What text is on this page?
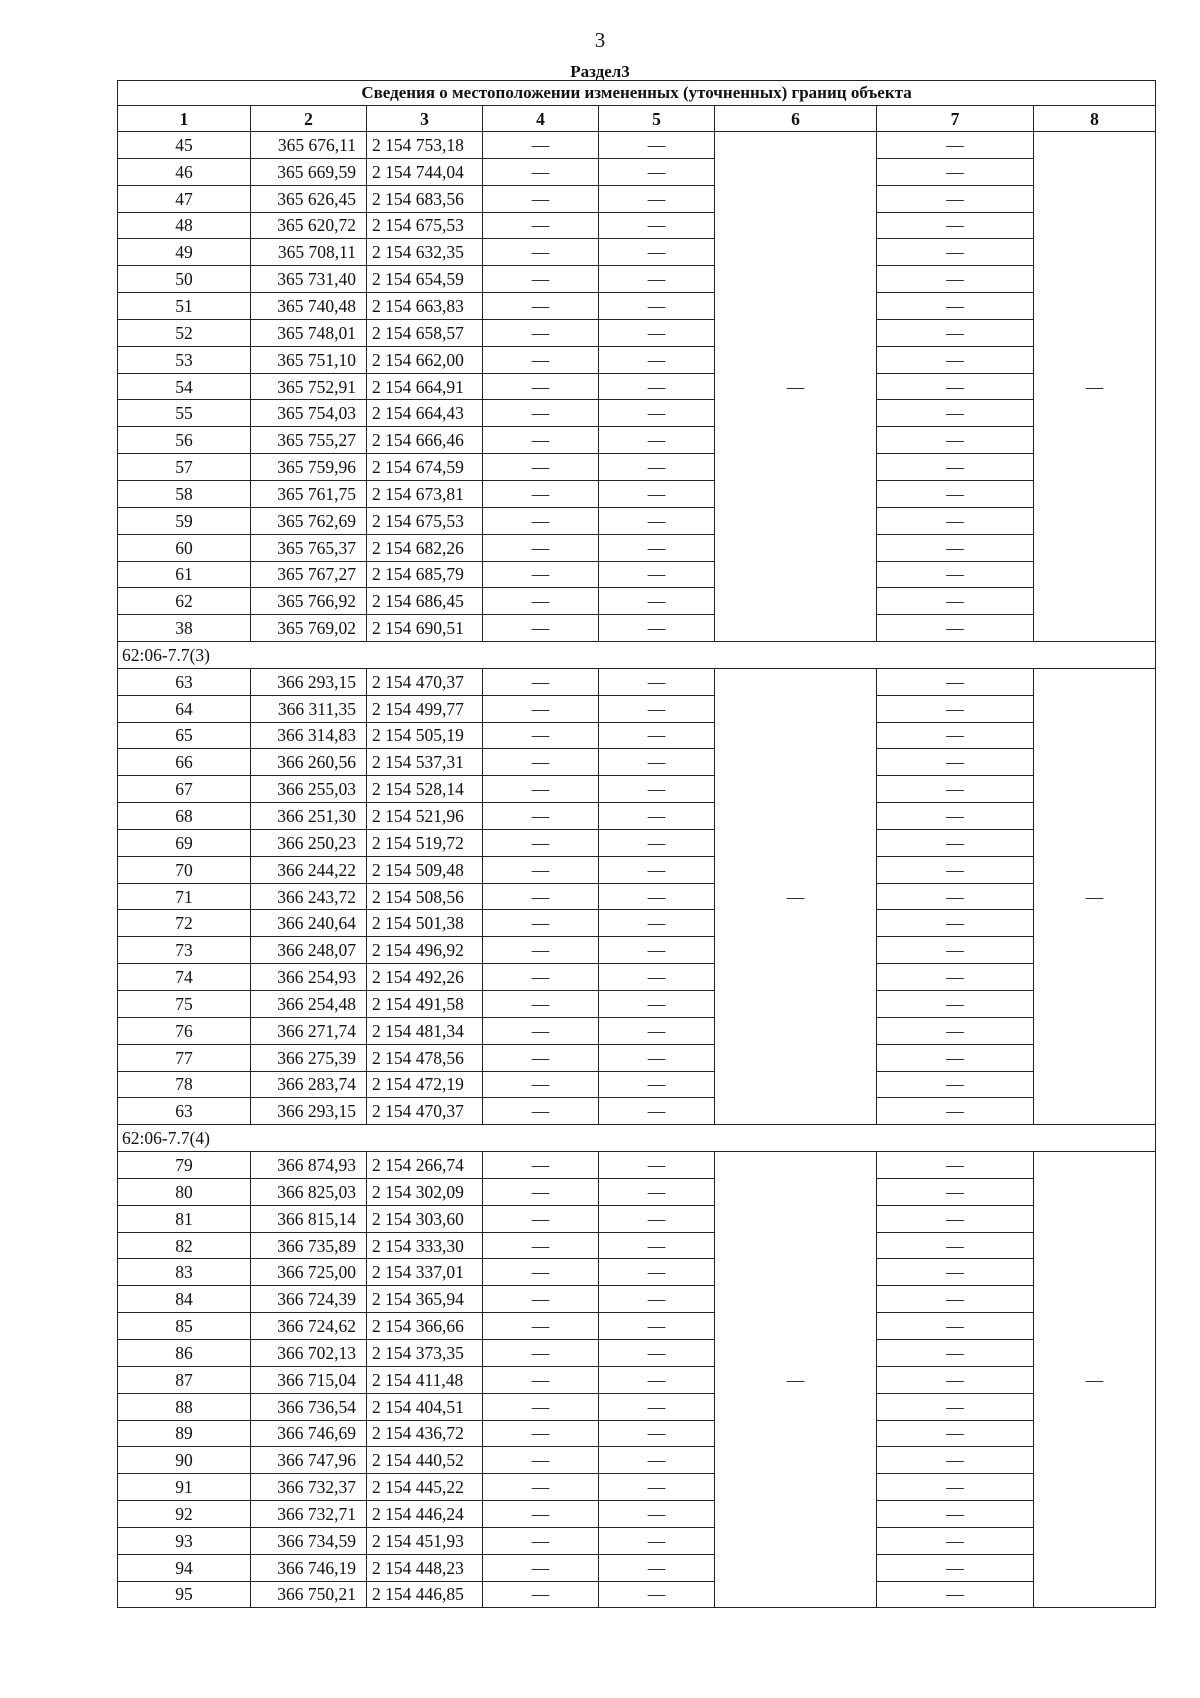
3
Раздел3
Сведения о местоположении измененных (уточненных) границ объекта							
1	2	3	4	5	6	7	8
45	365 676,11	2 154 753,18	—	—	—	—	—
46	365 669,59	2 154 744,04	—	—		—	
47	365 626,45	2 154 683,56	—	—		—	
48	365 620,72	2 154 675,53	—	—		—	
49	365 708,11	2 154 632,35	—	—		—	
50	365 731,40	2 154 654,59	—	—		—	
51	365 740,48	2 154 663,83	—	—		—	
52	365 748,01	2 154 658,57	—	—		—	
53	365 751,10	2 154 662,00	—	—		—	
54	365 752,91	2 154 664,91	—	—		—	
55	365 754,03	2 154 664,43	—	—		—	
56	365 755,27	2 154 666,46	—	—		—	
57	365 759,96	2 154 674,59	—	—		—	
58	365 761,75	2 154 673,81	—	—		—	
59	365 762,69	2 154 675,53	—	—		—	
60	365 765,37	2 154 682,26	—	—		—	
61	365 767,27	2 154 685,79	—	—		—	
62	365 766,92	2 154 686,45	—	—		—	
38	365 769,02	2 154 690,51	—	—		—	
62:06-7.7(3)							
63	366 293,15	2 154 470,37	—	—	—	—	—
64	366 311,35	2 154 499,77	—	—		—	
65	366 314,83	2 154 505,19	—	—		—	
66	366 260,56	2 154 537,31	—	—		—	
67	366 255,03	2 154 528,14	—	—		—	
68	366 251,30	2 154 521,96	—	—		—	
69	366 250,23	2 154 519,72	—	—		—	
70	366 244,22	2 154 509,48	—	—		—	
71	366 243,72	2 154 508,56	—	—		—	
72	366 240,64	2 154 501,38	—	—		—	
73	366 248,07	2 154 496,92	—	—		—	
74	366 254,93	2 154 492,26	—	—		—	
75	366 254,48	2 154 491,58	—	—		—	
76	366 271,74	2 154 481,34	—	—		—	
77	366 275,39	2 154 478,56	—	—		—	
78	366 283,74	2 154 472,19	—	—		—	
63	366 293,15	2 154 470,37	—	—		—	
62:06-7.7(4)							
79	366 874,93	2 154 266,74	—	—	—	—	—
80	366 825,03	2 154 302,09	—	—		—	
81	366 815,14	2 154 303,60	—	—		—	
82	366 735,89	2 154 333,30	—	—		—	
83	366 725,00	2 154 337,01	—	—		—	
84	366 724,39	2 154 365,94	—	—		—	
85	366 724,62	2 154 366,66	—	—		—	
86	366 702,13	2 154 373,35	—	—		—	
87	366 715,04	2 154 411,48	—	—		—	
88	366 736,54	2 154 404,51	—	—		—	
89	366 746,69	2 154 436,72	—	—		—	
90	366 747,96	2 154 440,52	—	—		—	
91	366 732,37	2 154 445,22	—	—		—	
92	366 732,71	2 154 446,24	—	—		—	
93	366 734,59	2 154 451,93	—	—		—	
94	366 746,19	2 154 448,23	—	—		—	
95	366 750,21	2 154 446,85	—	—		—	
